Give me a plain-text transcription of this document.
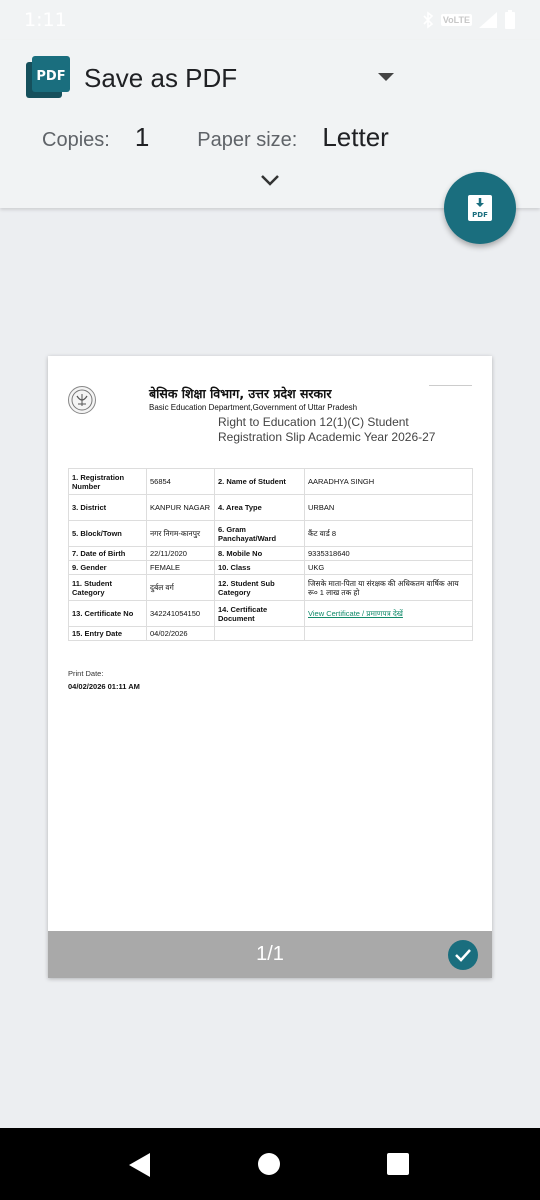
1:11	VoLTE
PDF Save as PDF
Copies: 1 Paper size: Letter
PDF
बेसिक शिक्षा विभाग, उत्तर प्रदेश सरकार
Basic Education Department,Government of Uttar Pradesh
Right to Education 12(1)(C) Student Registration Slip Academic Year 2026-27
1. Registration Number	56854	2. Name of Student	AARADHYA SINGH
3. District	KANPUR NAGAR	4. Area Type	URBAN
5. Block/Town	नगर निगम-कानपुर	6. Gram Panchayat/Ward	कैंट वार्ड 8
7. Date of Birth	22/11/2020	8. Mobile No	9335318640
9. Gender	FEMALE	10. Class	UKG
11. Student Category	दुर्बल वर्ग	12. Student Sub Category	जिसके माता-पिता या संरक्षक की अधिकतम वार्षिक आय रू० 1 लाख तक हो
13. Certificate No	342241054150	14. Certificate Document	View Certificate / प्रमाणपत्र देखें
15. Entry Date	04/02/2026		
Print Date:
04/02/2026 01:11 AM
1/1
